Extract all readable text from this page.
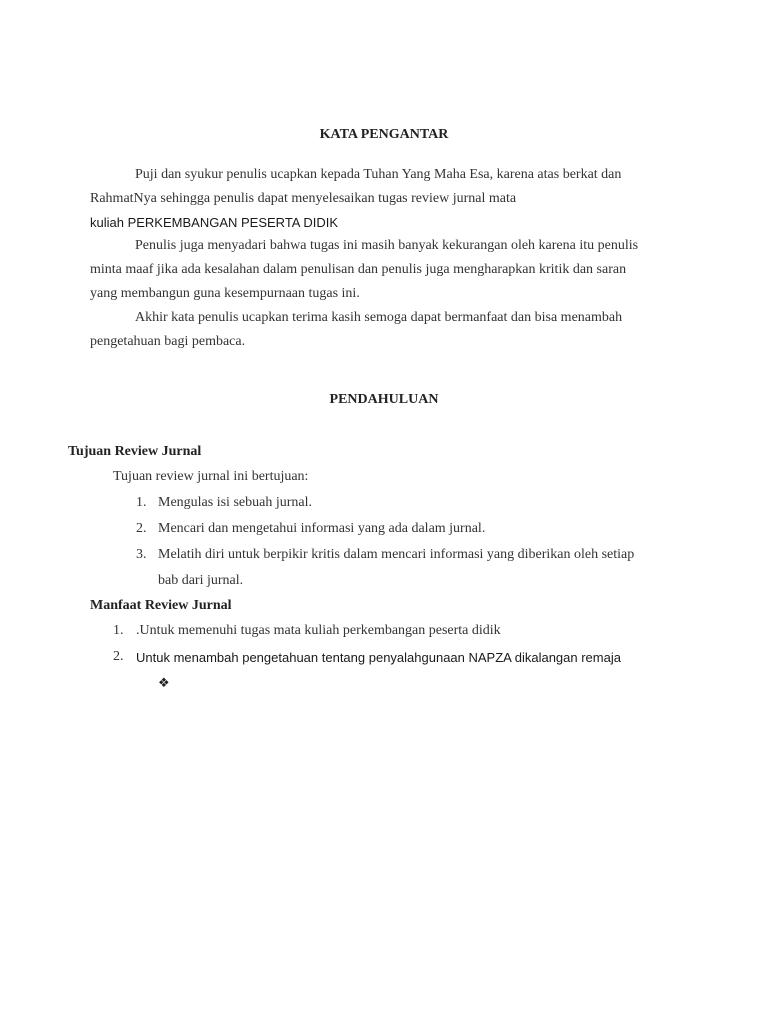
KATA PENGANTAR
Puji dan syukur penulis ucapkan kepada Tuhan Yang Maha Esa, karena atas berkat dan
RahmatNya sehingga penulis dapat menyelesaikan tugas review jurnal mata
kuliah PERKEMBANGAN PESERTA DIDIK
Penulis juga menyadari bahwa tugas ini masih banyak kekurangan oleh karena itu penulis
minta maaf jika ada kesalahan dalam penulisan dan penulis juga mengharapkan kritik dan saran
yang membangun guna kesempurnaan tugas ini.
Akhir kata penulis ucapkan terima kasih semoga dapat bermanfaat dan bisa menambah
pengetahuan bagi pembaca.
PENDAHULUAN
Tujuan Review Jurnal
Tujuan review jurnal ini bertujuan:
1. Mengulas isi sebuah jurnal.
2. Mencari dan mengetahui informasi yang ada dalam jurnal.
3. Melatih diri untuk berpikir kritis dalam mencari informasi yang diberikan oleh setiap
bab dari jurnal.
Manfaat Review Jurnal
1. .Untuk memenuhi tugas mata kuliah perkembangan peserta didik
2. Untuk menambah pengetahuan tentang penyalahgunaan NAPZA dikalangan remaja
❖
